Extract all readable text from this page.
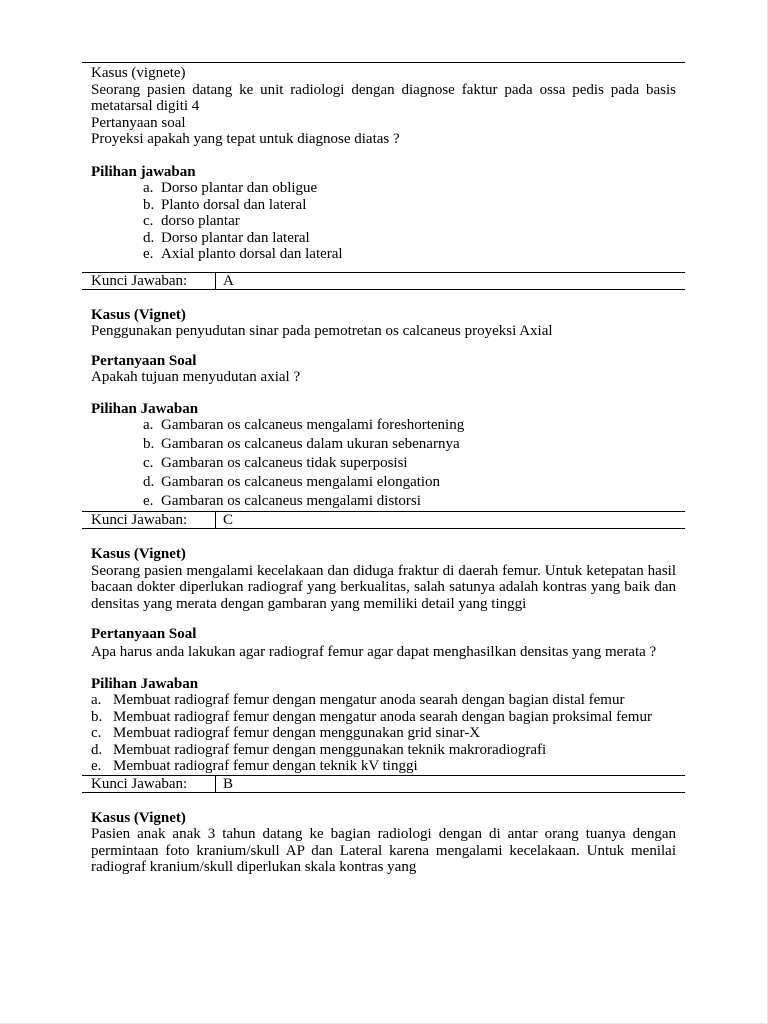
Kasus (vignete)

Seorang pasien datang ke unit radiologi dengan diagnose faktur pada ossa pedis pada basis metatarsal digiti 4

Pertanyaan soal

Proyeksi apakah yang tepat untuk diagnose diatas ?

Pilihan jawaban

a. Dorso plantar dan obligue
b. Planto dorsal dan lateral
c. dorso plantar
d. Dorso plantar dan lateral
e. Axial planto dorsal dan lateral
Kunci Jawaban:	A

Kasus (Vignet)

Penggunakan penyudutan sinar pada pemotretan os calcaneus proyeksi Axial

Pertanyaan Soal

Apakah tujuan menyudutan axial ?

Pilihan Jawaban

a. Gambaran os calcaneus mengalami foreshortening
b. Gambaran os calcaneus dalam ukuran sebenarnya
c. Gambaran os calcaneus tidak superposisi
d. Gambaran os calcaneus mengalami elongation
e. Gambaran os calcaneus mengalami distorsi
Kunci Jawaban:	C

Kasus (Vignet)

Seorang pasien mengalami kecelakaan dan diduga fraktur di daerah femur. Untuk ketepatan hasil bacaan dokter diperlukan radiograf yang berkualitas, salah satunya adalah kontras yang baik dan densitas yang merata dengan gambaran yang memiliki detail yang tinggi

Pertanyaan Soal

Apa harus anda lakukan agar radiograf femur agar dapat menghasilkan densitas yang merata ?

Pilihan Jawaban

a. Membuat radiograf femur dengan mengatur anoda searah dengan bagian distal femur
b. Membuat radiograf femur dengan mengatur anoda searah dengan bagian proksimal femur
c. Membuat radiograf femur dengan menggunakan grid sinar-X
d. Membuat radiograf femur dengan menggunakan teknik makroradiografi
e. Membuat radiograf femur dengan teknik kV tinggi
Kunci Jawaban:	B

Kasus (Vignet)

Pasien anak anak 3 tahun datang ke bagian radiologi dengan di antar orang tuanya dengan permintaan foto kranium/skull AP dan Lateral karena mengalami kecelakaan. Untuk menilai radiograf kranium/skull diperlukan skala kontras yang
